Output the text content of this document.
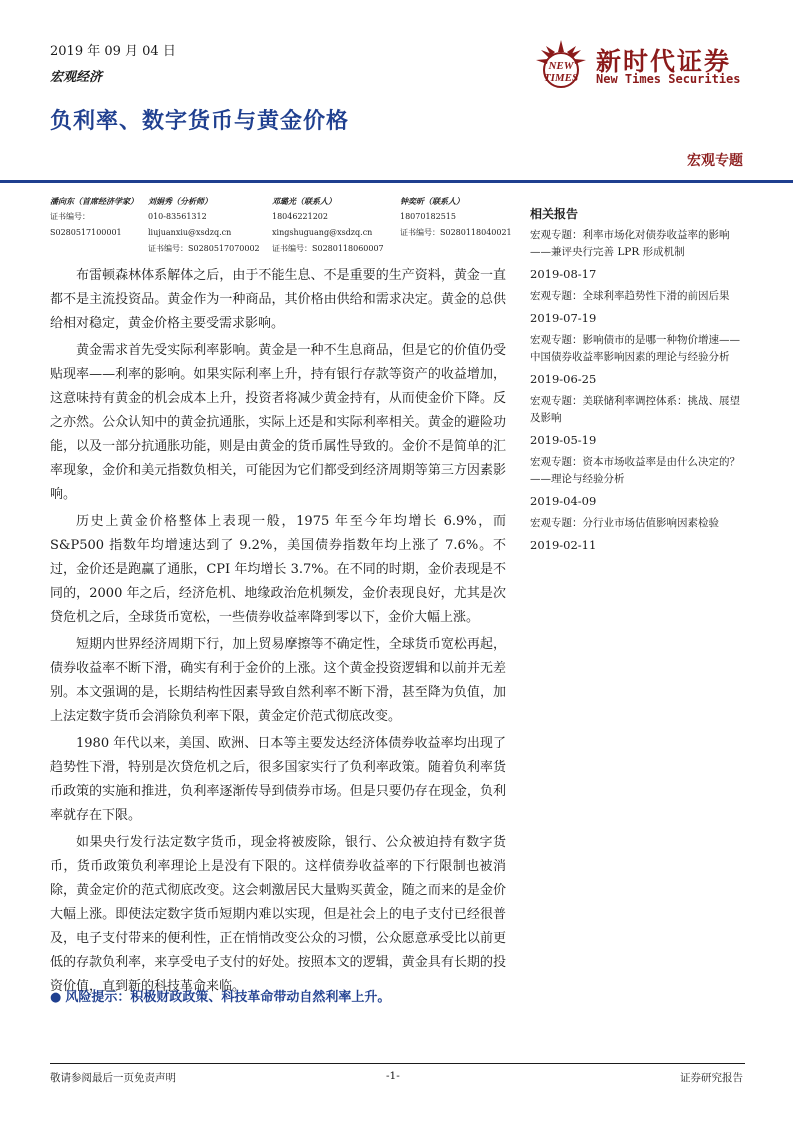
2019 年 09 月 04 日
宏观经济
负利率、数字货币与黄金价格
NEW
TIMES
新时代证券
New Times Securities
宏观专题
潘向东（首席经济学家）
证书编号：
S0280517100001
刘娟秀（分析师）
010-83561312
liujuanxiu@xsdzq.cn
证书编号：S0280517070002
邓璐光（联系人）
18046221202
xingshuguang@xsdzq.cn
证书编号：S0280118060007
钟奕昕（联系人）
18070182515
证书编号：S0280118040021

布雷顿森林体系解体之后，由于不能生息、不是重要的生产资料，黄金一直都不是主流投资品。黄金作为一种商品，其价格由供给和需求决定。黄金的总供给相对稳定，黄金价格主要受需求影响。

黄金需求首先受实际利率影响。黄金是一种不生息商品，但是它的价值仍受贴现率——利率的影响。如果实际利率上升，持有银行存款等资产的收益增加，这意味持有黄金的机会成本上升，投资者将减少黄金持有，从而使金价下降。反之亦然。公众认知中的黄金抗通胀，实际上还是和实际利率相关。黄金的避险功能，以及一部分抗通胀功能，则是由黄金的货币属性导致的。金价不是简单的汇率现象，金价和美元指数负相关，可能因为它们都受到经济周期等第三方因素影响。

历史上黄金价格整体上表现一般，1975 年至今年均增长 6.9%，而S&P500 指数年均增速达到了 9.2%，美国债券指数年均上涨了 7.6%。不过，金价还是跑赢了通胀，CPI 年均增长 3.7%。在不同的时期，金价表现是不同的，2000 年之后，经济危机、地缘政治危机频发，金价表现良好，尤其是次贷危机之后，全球货币宽松，一些债券收益率降到零以下，金价大幅上涨。

短期内世界经济周期下行，加上贸易摩擦等不确定性，全球货币宽松再起，债券收益率不断下滑，确实有利于金价的上涨。这个黄金投资逻辑和以前并无差别。本文强调的是，长期结构性因素导致自然利率不断下滑，甚至降为负值，加上法定数字货币会消除负利率下限，黄金定价范式彻底改变。

1980 年代以来，美国、欧洲、日本等主要发达经济体债券收益率均出现了趋势性下滑，特别是次贷危机之后，很多国家实行了负利率政策。随着负利率货币政策的实施和推进，负利率逐渐传导到债券市场。但是只要仍存在现金，负利率就存在下限。

如果央行发行法定数字货币，现金将被废除，银行、公众被迫持有数字货币，货币政策负利率理论上是没有下限的。这样债券收益率的下行限制也被消除，黄金定价的范式彻底改变。这会刺激居民大量购买黄金，随之而来的是金价大幅上涨。即使法定数字货币短期内难以实现，但是社会上的电子支付已经很普及，电子支付带来的便利性，正在悄悄改变公众的习惯，公众愿意承受比以前更低的存款负利率，来享受电子支付的好处。按照本文的逻辑，黄金具有长期的投资价值，直到新的科技革命来临。

● 风险提示：积极财政政策、科技革命带动自然利率上升。
相关报告
宏观专题：利率市场化对债券收益率的影响——兼评央行完善 LPR 形成机制
2019-08-17
宏观专题：全球利率趋势性下滑的前因后果
2019-07-19
宏观专题：影响债市的是哪一种物价增速——中国债券收益率影响因素的理论与经验分析
2019-06-25
宏观专题：美联储利率调控体系：挑战、展望及影响
2019-05-19
宏观专题：资本市场收益率是由什么决定的？——理论与经验分析
2019-04-09
宏观专题：分行业市场估值影响因素检验
2019-02-11
敬请参阅最后一页免责声明	-1-	证券研究报告
